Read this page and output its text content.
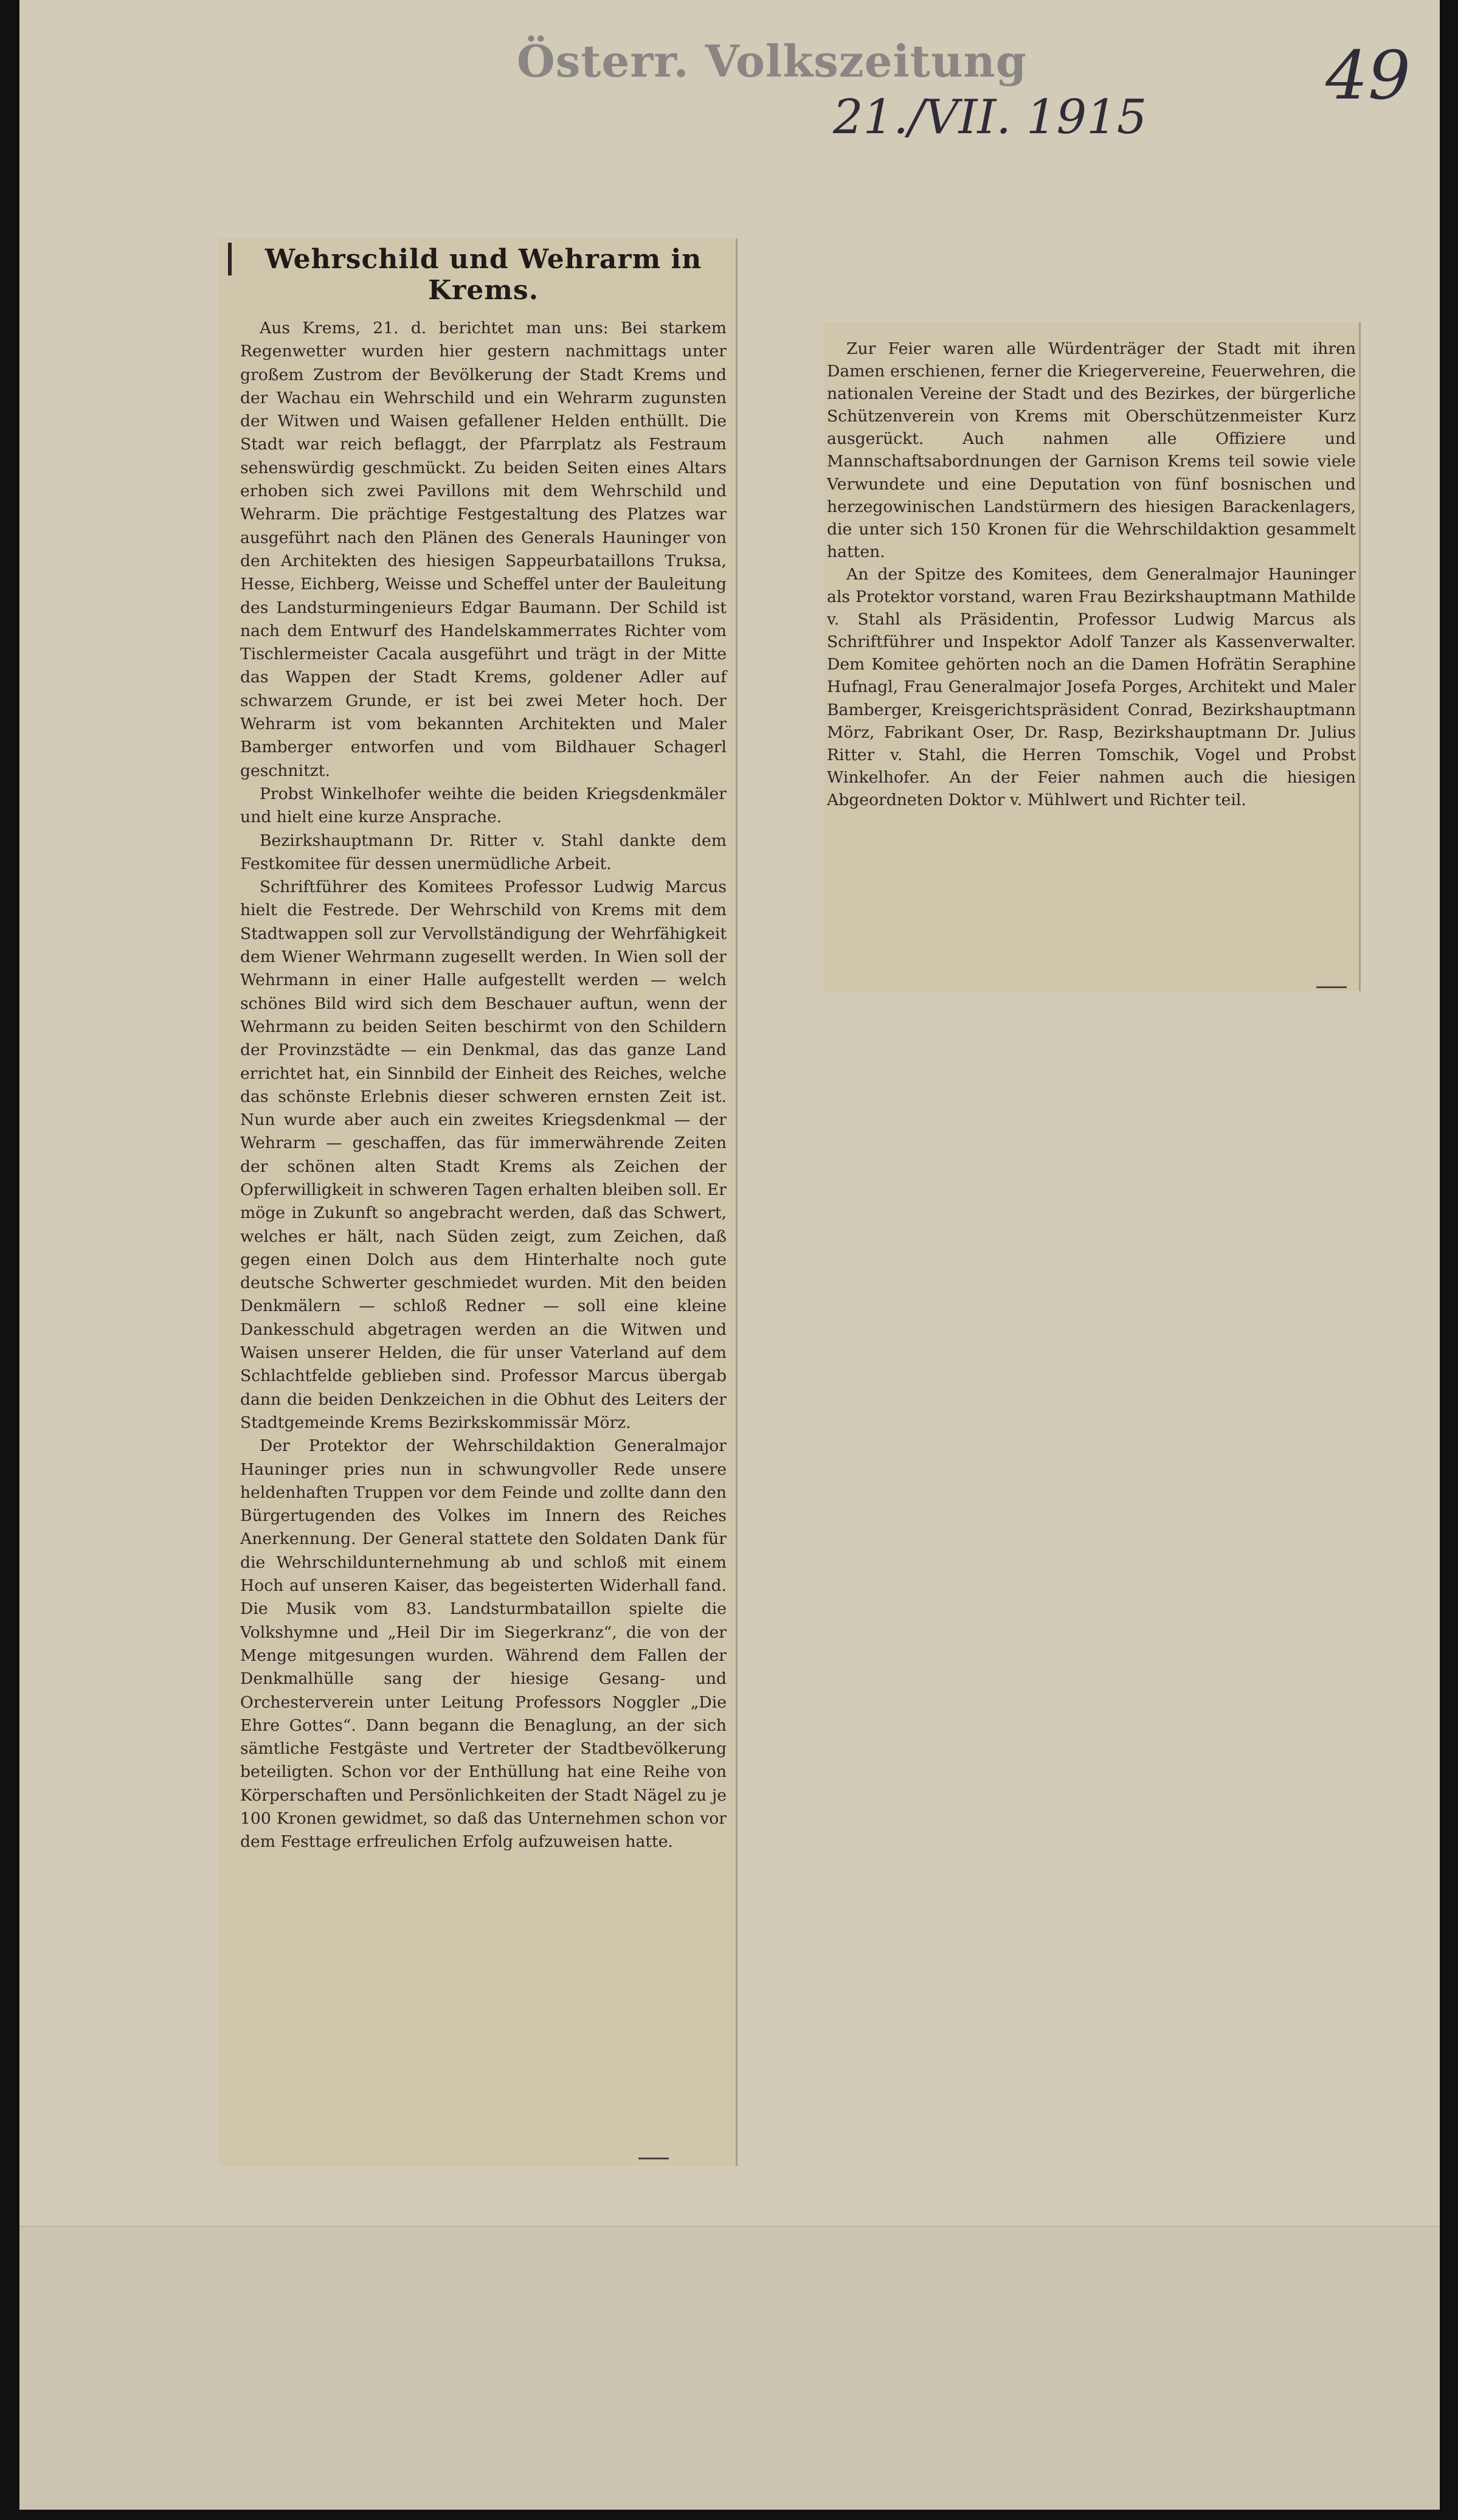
Österr. Volkszeitung
21./VII. 1915
49
Wehrschild und Wehrarm in Krems.

Aus Krems, 21. d. berichtet man uns: Bei starkem Regenwetter wurden hier gestern nachmittags unter großem Zustrom der Bevölkerung der Stadt Krems und der Wachau ein Wehrschild und ein Wehrarm zugunsten der Witwen und Waisen gefallener Helden enthüllt. Die Stadt war reich beflaggt, der Pfarrplatz als Festraum sehenswürdig geschmückt. Zu beiden Seiten eines Altars erhoben sich zwei Pavillons mit dem Wehrschild und Wehrarm. Die prächtige Festgestaltung des Platzes war ausgeführt nach den Plänen des Generals Hauninger von den Architekten des hiesigen Sappeurbataillons Truksa, Hesse, Eichberg, Weisse und Scheffel unter der Bauleitung des Landsturmingenieurs Edgar Baumann. Der Schild ist nach dem Entwurf des Handelskammerrates Richter vom Tischlermeister Cacala ausgeführt und trägt in der Mitte das Wappen der Stadt Krems, goldener Adler auf schwarzem Grunde, er ist bei zwei Meter hoch. Der Wehrarm ist vom bekannten Architekten und Maler Bamberger entworfen und vom Bildhauer Schagerl geschnitzt.

Probst Winkelhofer weihte die beiden Kriegsdenkmäler und hielt eine kurze Ansprache.

Bezirkshauptmann Dr. Ritter v. Stahl dankte dem Festkomitee für dessen unermüdliche Arbeit.

Schriftführer des Komitees Professor Ludwig Marcus hielt die Festrede. Der Wehrschild von Krems mit dem Stadtwappen soll zur Vervollständigung der Wehrfähigkeit dem Wiener Wehrmann zugesellt werden. In Wien soll der Wehrmann in einer Halle aufgestellt werden — welch schönes Bild wird sich dem Beschauer auftun, wenn der Wehrmann zu beiden Seiten beschirmt von den Schildern der Provinzstädte — ein Denkmal, das das ganze Land errichtet hat, ein Sinnbild der Einheit des Reiches, welche das schönste Erlebnis dieser schweren ernsten Zeit ist. Nun wurde aber auch ein zweites Kriegsdenkmal — der Wehrarm — geschaffen, das für immerwährende Zeiten der schönen alten Stadt Krems als Zeichen der Opferwilligkeit in schweren Tagen erhalten bleiben soll. Er möge in Zukunft so angebracht werden, daß das Schwert, welches er hält, nach Süden zeigt, zum Zeichen, daß gegen einen Dolch aus dem Hinterhalte noch gute deutsche Schwerter geschmiedet wurden. Mit den beiden Denkmälern — schloß Redner — soll eine kleine Dankesschuld abgetragen werden an die Witwen und Waisen unserer Helden, die für unser Vaterland auf dem Schlachtfelde geblieben sind. Professor Marcus übergab dann die beiden Denkzeichen in die Obhut des Leiters der Stadtgemeinde Krems Bezirkskommissär Mörz.

Der Protektor der Wehrschildaktion Generalmajor Hauninger pries nun in schwungvoller Rede unsere heldenhaften Truppen vor dem Feinde und zollte dann den Bürgertugenden des Volkes im Innern des Reiches Anerkennung. Der General stattete den Soldaten Dank für die Wehrschildunternehmung ab und schloß mit einem Hoch auf unseren Kaiser, das begeisterten Widerhall fand. Die Musik vom 83. Landsturmbataillon spielte die Volkshymne und „Heil Dir im Siegerkranz“, die von der Menge mitgesungen wurden. Während dem Fallen der Denkmalhülle sang der hiesige Gesang- und Orchesterverein unter Leitung Professors Noggler „Die Ehre Gottes“. Dann begann die Benaglung, an der sich sämtliche Festgäste und Vertreter der Stadtbevölkerung beteiligten. Schon vor der Enthüllung hat eine Reihe von Körperschaften und Persönlichkeiten der Stadt Nägel zu je 100 Kronen gewidmet, so daß das Unternehmen schon vor dem Festtage erfreulichen Erfolg aufzuweisen hatte.

Zur Feier waren alle Würdenträger der Stadt mit ihren Damen erschienen, ferner die Kriegervereine, Feuerwehren, die nationalen Vereine der Stadt und des Bezirkes, der bürgerliche Schützenverein von Krems mit Oberschützenmeister Kurz ausgerückt. Auch nahmen alle Offiziere und Mannschaftsabordnungen der Garnison Krems teil sowie viele Verwundete und eine Deputation von fünf bosnischen und herzegowinischen Landstürmern des hiesigen Barackenlagers, die unter sich 150 Kronen für die Wehrschildaktion gesammelt hatten.

An der Spitze des Komitees, dem Generalmajor Hauninger als Protektor vorstand, waren Frau Bezirkshauptmann Mathilde v. Stahl als Präsidentin, Professor Ludwig Marcus als Schriftführer und Inspektor Adolf Tanzer als Kassenverwalter. Dem Komitee gehörten noch an die Damen Hofrätin Seraphine Hufnagl, Frau Generalmajor Josefa Porges, Architekt und Maler Bamberger, Kreisgerichtspräsident Conrad, Bezirkshauptmann Mörz, Fabrikant Oser, Dr. Rasp, Bezirkshauptmann Dr. Julius Ritter v. Stahl, die Herren Tomschik, Vogel und Probst Winkelhofer. An der Feier nahmen auch die hiesigen Abgeordneten Doktor v. Mühlwert und Richter teil.
